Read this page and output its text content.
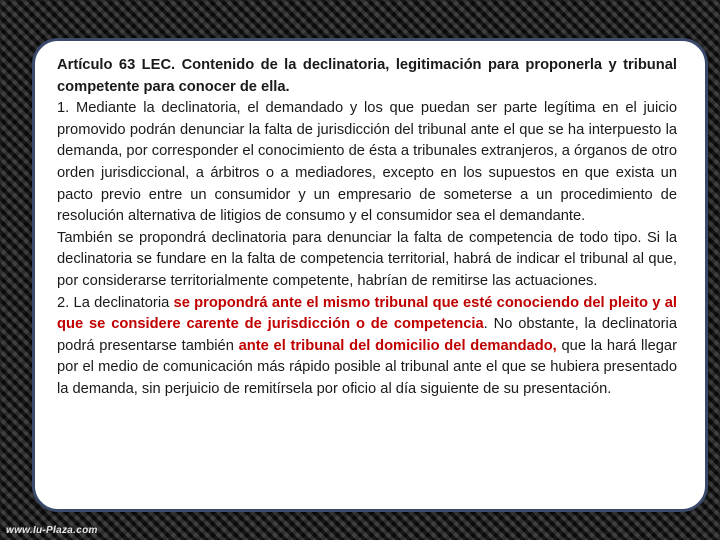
Artículo 63 LEC. Contenido de la declinatoria, legitimación para proponerla y tribunal competente para conocer de ella.

1. Mediante la declinatoria, el demandado y los que puedan ser parte legítima en el juicio promovido podrán denunciar la falta de jurisdicción del tribunal ante el que se ha interpuesto la demanda, por corresponder el conocimiento de ésta a tribunales extranjeros, a órganos de otro orden jurisdiccional, a árbitros o a mediadores, excepto en los supuestos en que exista un pacto previo entre un consumidor y un empresario de someterse a un procedimiento de resolución alternativa de litigios de consumo y el consumidor sea el demandante.

También se propondrá declinatoria para denunciar la falta de competencia de todo tipo. Si la declinatoria se fundare en la falta de competencia territorial, habrá de indicar el tribunal al que, por considerarse territorialmente competente, habrían de remitirse las actuaciones.

2. La declinatoria se propondrá ante el mismo tribunal que esté conociendo del pleito y al que se considere carente de jurisdicción o de competencia. No obstante, la declinatoria podrá presentarse también ante el tribunal del domicilio del demandado, que la hará llegar por el medio de comunicación más rápido posible al tribunal ante el que se hubiera presentado la demanda, sin perjuicio de remitírsela por oficio al día siguiente de su presentación.

www.Iu-Plaza.com
